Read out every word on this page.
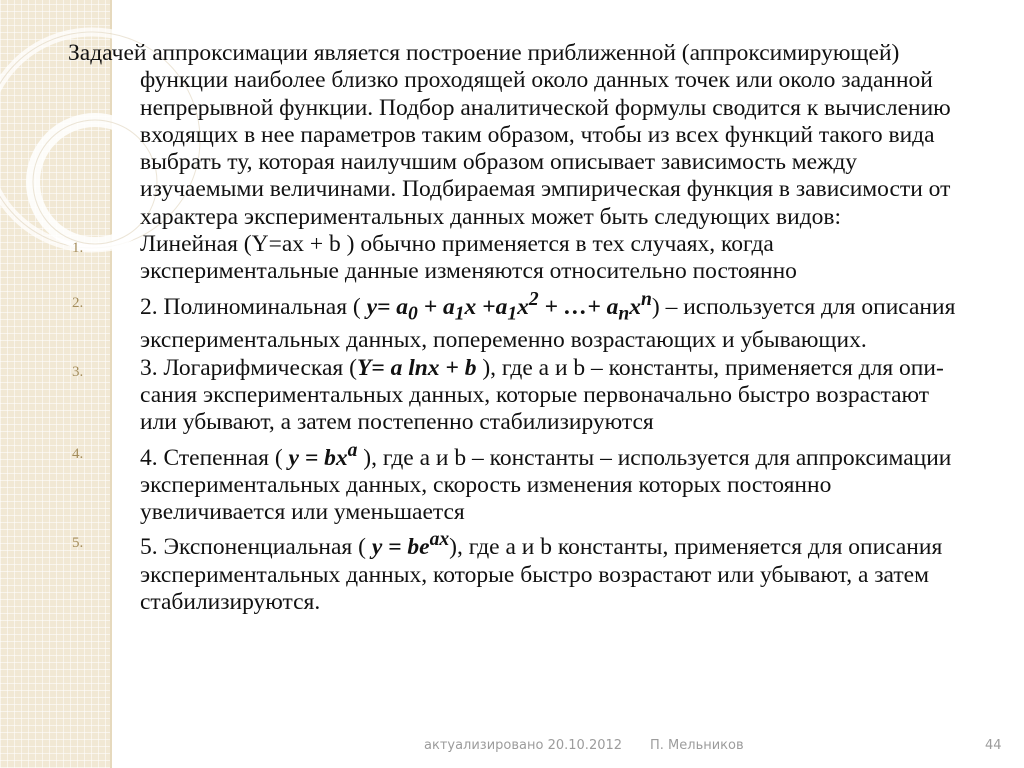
Задачей аппроксимации является построение приближенной (аппроксимирующей) функции наиболее близко проходящей около данных точек или около заданной непрерывной функции. Подбор аналитической формулы сводится к вычислению входящих в нее параметров таким образом, чтобы из всех функций такого вида выбрать ту, которая наилучшим образом описывает зависимость между изучаемыми величинами. Подбираемая эмпирическая функция в зависимости от характера экспериментальных данных может быть следующих видов:

1. Линейная (Y=ax + b ) обычно применяется в тех случаях, когда экспериментальные данные изменяются относительно постоянно

2. 2. Полиноминальная ( $y= a_0 + a_1x +a_1x^2$ + …+ $a_nx^n$) – используется для описания экспериментальных данных, попеременно возрастающих и убывающих.

3. 3. Логарифмическая (Y= a lnx + b ), где a и b – константы, применяется для опи-сания экспериментальных данных, которые первоначально быстро возрастают или убывают, а затем постепенно стабилизируются

4. 4. Степенная ( $y = bx^a$ ), где a и b – константы – используется для аппроксимации экспериментальных данных, скорость изменения которых постоянно увеличивается или уменьшается

5. 5. Экспоненциальная ( $y = be^{ax}$), где a и b константы, применяется для описания экспериментальных данных, которые быстро возрастают или убывают, а затем стабилизируются.

актуализировано 20.10.2012 П. Мельников	44
